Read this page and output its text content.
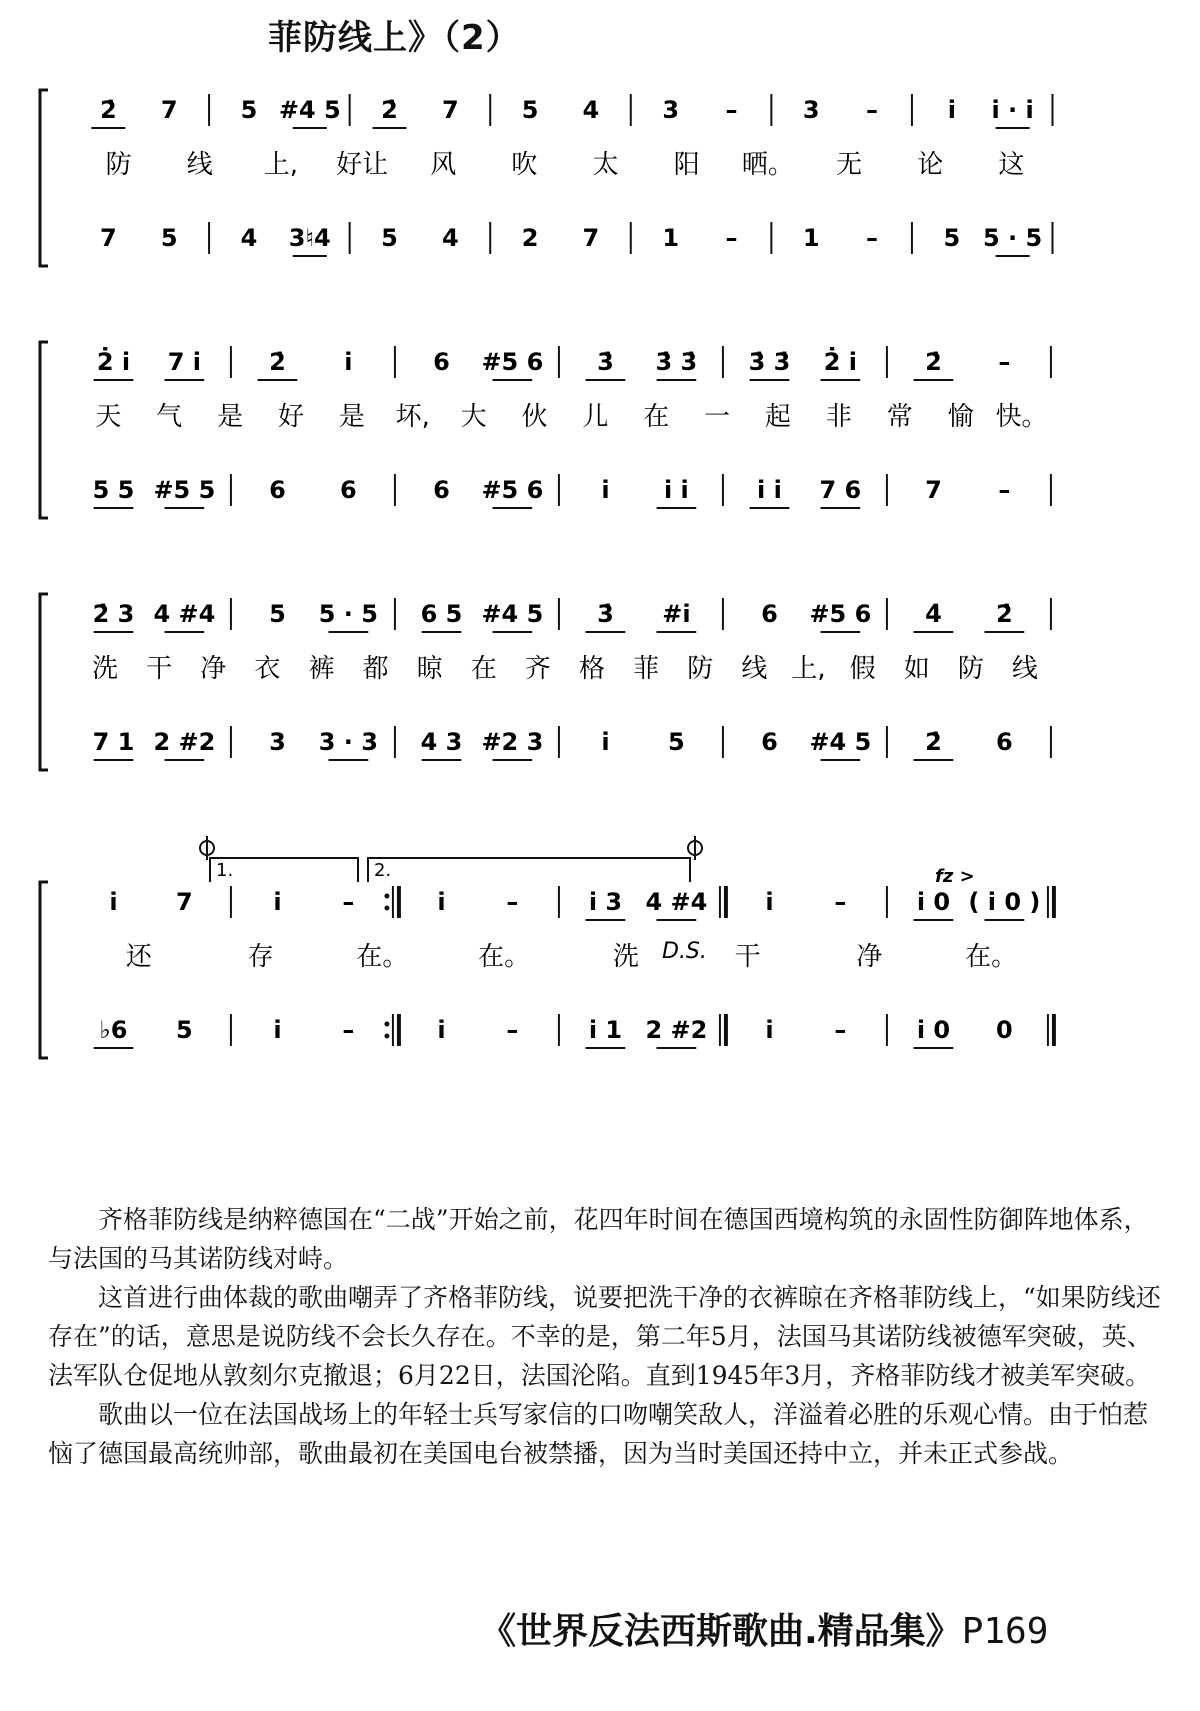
菲防线上》（2）
2̇ 7	5 #4 5 2̇ 7	5 4	3 –	3 –	i i · i
防 线 上, 好让 风 吹 太 阳 晒。 无 论 这
7 5	4 3♮4 5 4	2 7	1 –	1 –	5 5 · 5
2̇ i 7 i	2̇ i	6 #5 6 3̇ 3̇ 3̇ 3̇ 3̇ 2̇ i	2̇ –
天 气 是 好 是 坏, 大 伙 儿 在 一 起 非 常 愉 快。
5 5 #5 5 6 6	6 #5 6 i i i	i i 7 6	7 –
2̇ 3 4 #4 5 5 · 5 6 5 #4 5 3̇ #i	6 #5 6 4̇ 2̇
洗 干 净 衣 裤 都 晾 在 齐 格 菲 防 线 上, 假 如 防 线
7 1 2 #2 3 3 · 3 4 3 #2 3 i 5	6 #4 5 2̇ 6
i 7	i	–	i	–	i 3 4 #4 i	–	i 0 ( i 0 )
还	存	在。	在。	洗	干	净	在。
♭6 5	i	–	i	–	i 1 2 #2 i	–	i 0 0
1.	2.
D.S.
fz >

齐格菲防线是纳粹德国在“二战”开始之前，花四年时间在德国西境构筑的永固性防御阵地体系，与法国的马其诺防线对峙。

这首进行曲体裁的歌曲嘲弄了齐格菲防线，说要把洗干净的衣裤晾在齐格菲防线上，“如果防线还存在”的话，意思是说防线不会长久存在。不幸的是，第二年5月，法国马其诺防线被德军突破，英、法军队仓促地从敦刻尔克撤退；6月22日，法国沦陷。直到1945年3月，齐格菲防线才被美军突破。

歌曲以一位在法国战场上的年轻士兵写家信的口吻嘲笑敌人，洋溢着必胜的乐观心情。由于怕惹恼了德国最高统帅部，歌曲最初在美国电台被禁播，因为当时美国还持中立，并未正式参战。

《世界反法西斯歌曲.精品集》P169
